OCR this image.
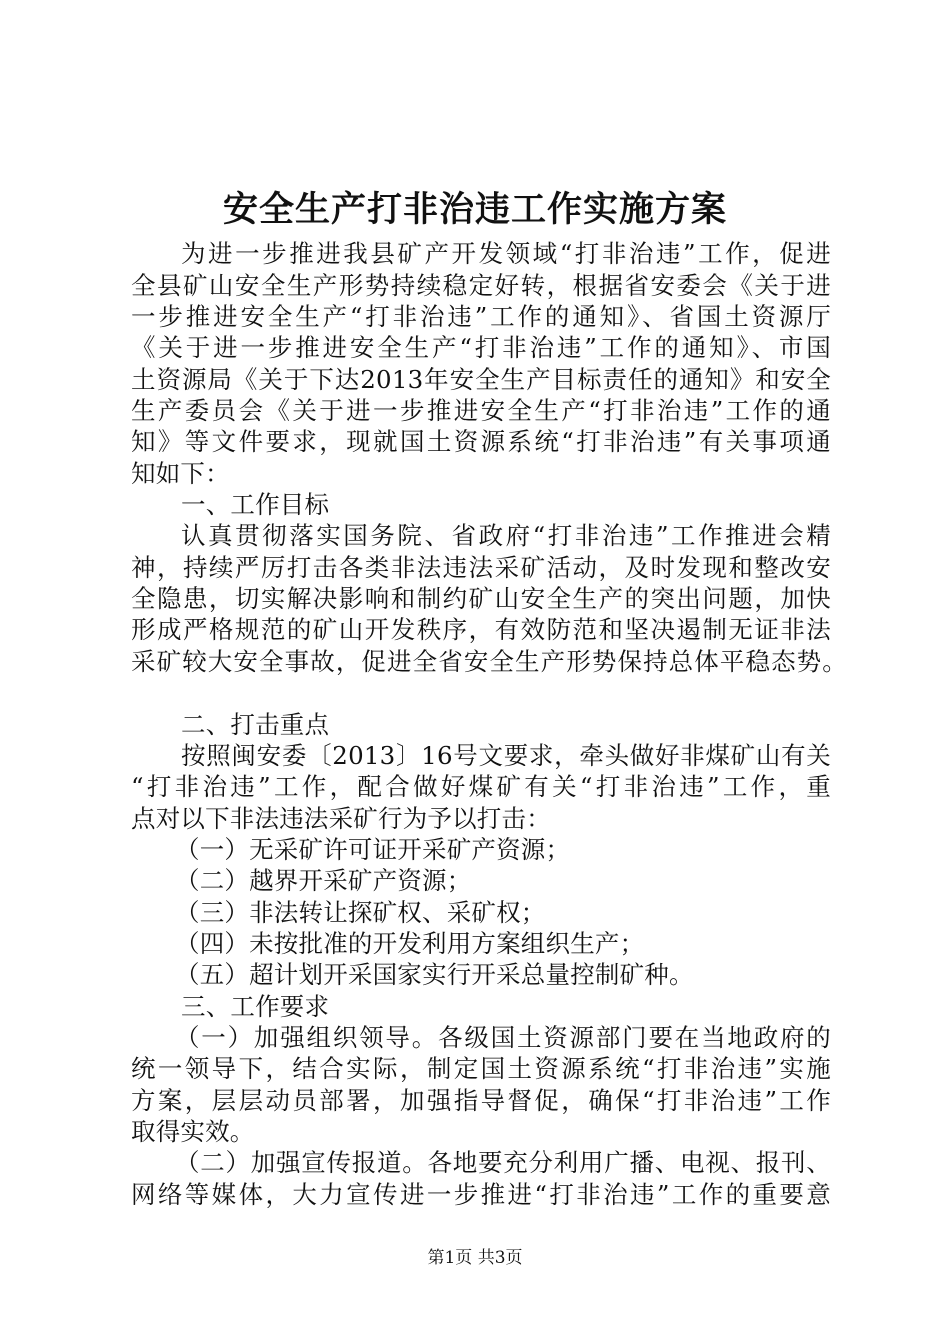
安全生产打非治违工作实施方案
为进一步推进我县矿产开发领域“打非治违”工作，促进
全县矿山安全生产形势持续稳定好转，根据省安委会《关于进
一步推进安全生产“打非治违”工作的通知》、省国土资源厅
《关于进一步推进安全生产“打非治违”工作的通知》、市国
土资源局《关于下达2013年安全生产目标责任的通知》和安全
生产委员会《关于进一步推进安全生产“打非治违”工作的通
知》等文件要求，现就国土资源系统“打非治违”有关事项通
知如下：
一、工作目标
认真贯彻落实国务院、省政府“打非治违”工作推进会精
神，持续严厉打击各类非法违法采矿活动，及时发现和整改安
全隐患，切实解决影响和制约矿山安全生产的突出问题，加快
形成严格规范的矿山开发秩序，有效防范和坚决遏制无证非法
采矿较大安全事故，促进全省安全生产形势保持总体平稳态势。
二、打击重点
按照闽安委〔2013〕16号文要求，牵头做好非煤矿山有关
“打非治违”工作，配合做好煤矿有关“打非治违”工作，重
点对以下非法违法采矿行为予以打击：
（一）无采矿许可证开采矿产资源；
（二）越界开采矿产资源；
（三）非法转让探矿权、采矿权；
（四）未按批准的开发利用方案组织生产；
（五）超计划开采国家实行开采总量控制矿种。
三、工作要求
（一）加强组织领导。各级国土资源部门要在当地政府的
统一领导下，结合实际，制定国土资源系统“打非治违”实施
方案，层层动员部署，加强指导督促，确保“打非治违”工作
取得实效。
（二）加强宣传报道。各地要充分利用广播、电视、报刊、
网络等媒体，大力宣传进一步推进“打非治违”工作的重要意
第1页 共3页
